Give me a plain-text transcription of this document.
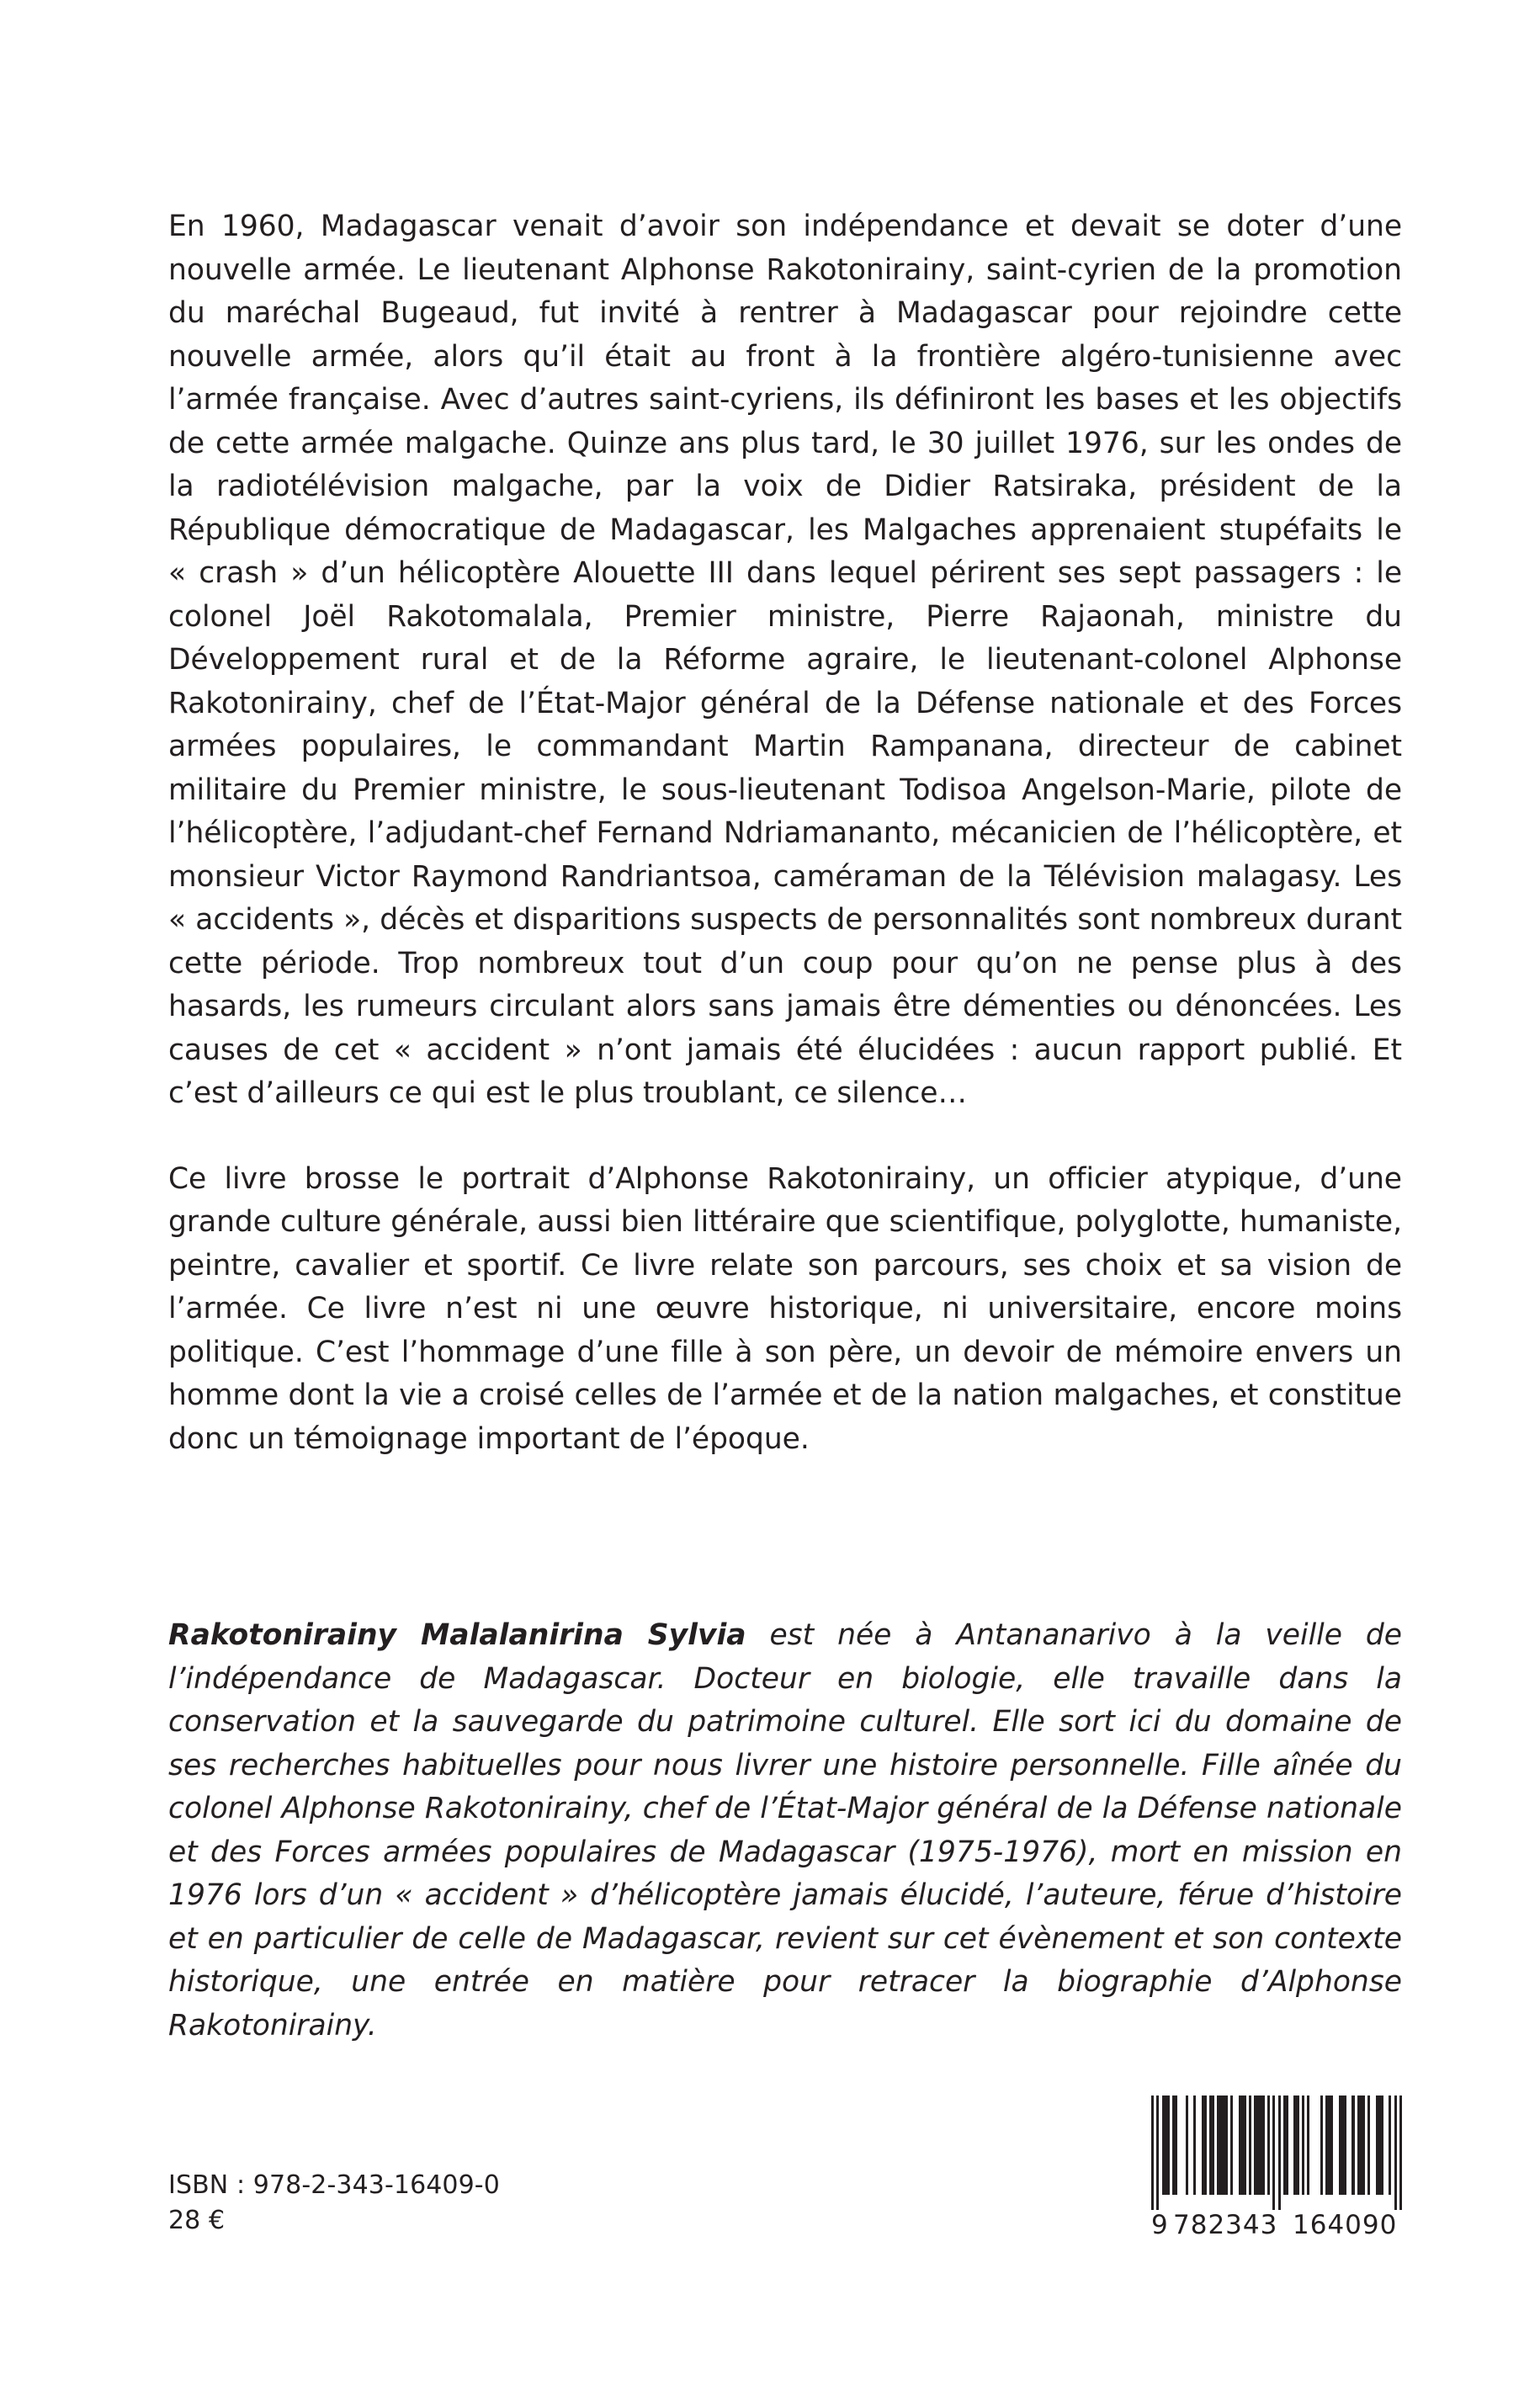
En 1960, Madagascar venait d’avoir son indépendance et devait se doter d’une nouvelle armée. Le lieutenant Alphonse Rakotonirainy, saint-cyrien de la promotion du maréchal Bugeaud, fut invité à rentrer à Madagascar pour rejoindre cette nouvelle armée, alors qu’il était au front à la frontière algéro-tunisienne avec l’armée française. Avec d’autres saint-cyriens, ils définiront les bases et les objectifs de cette armée malgache. Quinze ans plus tard, le 30 juillet 1976, sur les ondes de la radiotélévision malgache, par la voix de Didier Ratsiraka, président de la République démocratique de Madagascar, les Malgaches apprenaient stupéfaits le « crash » d’un hélicoptère Alouette III dans lequel périrent ses sept passagers : le colonel Joël Rakotomalala, Premier ministre, Pierre Rajaonah, ministre du Développement rural et de la Réforme agraire, le lieutenant-colonel Alphonse Rakotonirainy, chef de l’État-Major général de la Défense nationale et des Forces armées populaires, le commandant Martin Rampanana, directeur de cabinet militaire du Premier ministre, le sous-lieutenant Todisoa Angelson-Marie, pilote de l’hélicoptère, l’adjudant-chef Fernand Ndriamananto, mécanicien de l’hélicoptère, et monsieur Victor Raymond Randriantsoa, caméraman de la Télévision malagasy. Les « accidents », décès et disparitions suspects de personnalités sont nombreux durant cette période. Trop nombreux tout d’un coup pour qu’on ne pense plus à des hasards, les rumeurs circulant alors sans jamais être démenties ou dénoncées. Les causes de cet « accident » n’ont jamais été élucidées : aucun rapport publié. Et c’est d’ailleurs ce qui est le plus troublant, ce silence…

Ce livre brosse le portrait d’Alphonse Rakotonirainy, un officier atypique, d’une grande culture générale, aussi bien littéraire que scientifique, polyglotte, humaniste, peintre, cavalier et sportif. Ce livre relate son parcours, ses choix et sa vision de l’armée. Ce livre n’est ni une œuvre historique, ni universitaire, encore moins politique. C’est l’hommage d’une fille à son père, un devoir de mémoire envers un homme dont la vie a croisé celles de l’armée et de la nation malgaches, et constitue donc un témoignage important de l’époque.

Rakotonirainy Malalanirina Sylvia est née à Antananarivo à la veille de l’indépendance de Madagascar. Docteur en biologie, elle travaille dans la conservation et la sauvegarde du patrimoine culturel. Elle sort ici du domaine de ses recherches habituelles pour nous livrer une histoire personnelle. Fille aînée du colonel Alphonse Rakotonirainy, chef de l’État-Major général de la Défense nationale et des Forces armées populaires de Madagascar (1975-1976), mort en mission en 1976 lors d’un « accident » d’hélicoptère jamais élucidé, l’auteure, férue d’histoire et en particulier de celle de Madagascar, revient sur cet évènement et son contexte historique, une entrée en matière pour retracer la biographie d’Alphonse Rakotonirainy.

ISBN : 978-2-343-16409-0
28 €	9 782343 164090
